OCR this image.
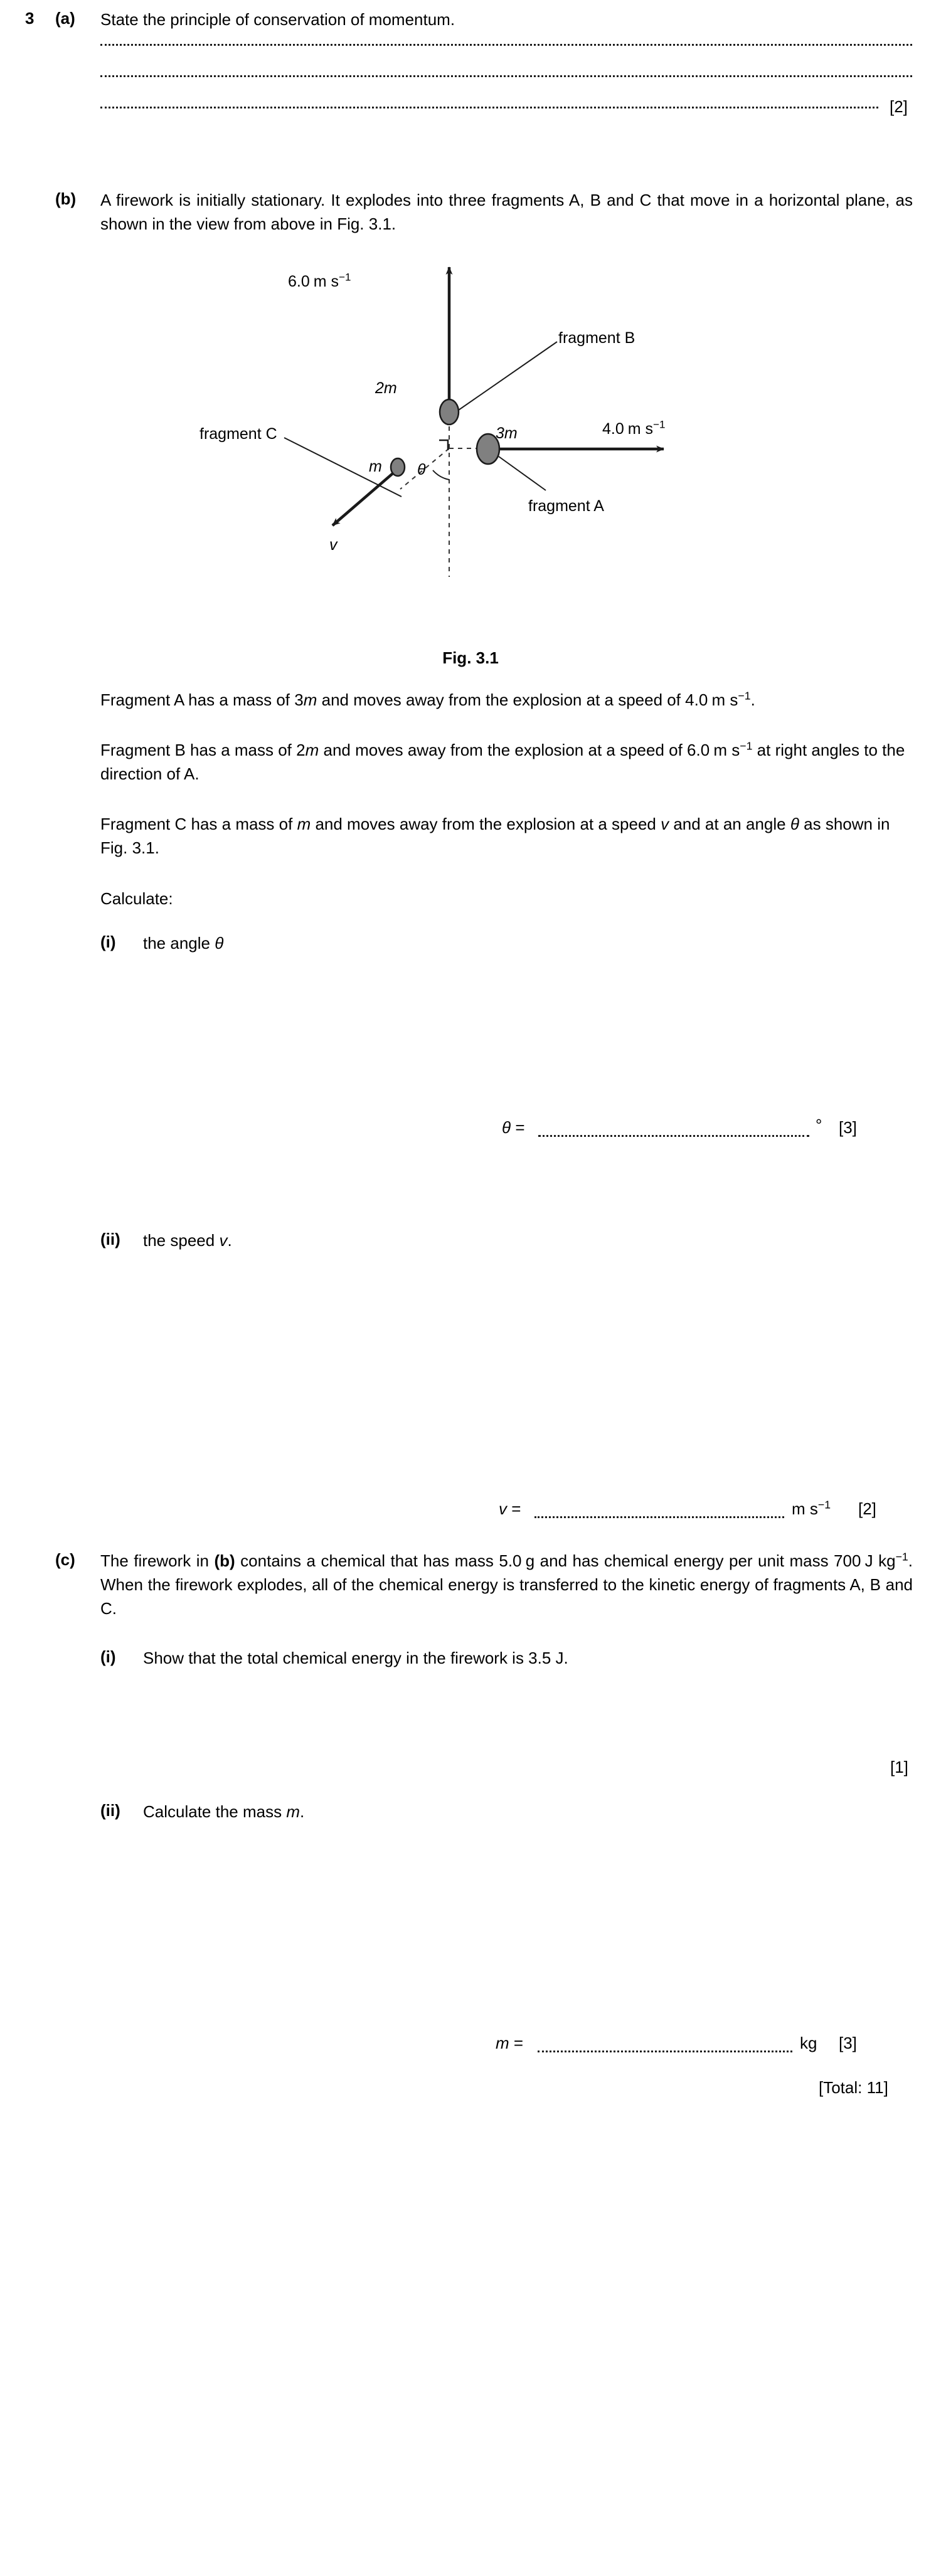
3 (a) State the principle of conservation of momentum.
[2]
(b) A firework is initially stationary. It explodes into three fragments A, B and C that move in a horizontal plane, as shown in the view from above in Fig. 3.1.
6.0  m $s^{-1}$
2m
fragment B
fragment C
m θ
v
3m	4.0  m $s^{-1}$
fragment A
Fig. 3.1
Fragment A has a mass of 3m and moves away from the explosion at a speed of 4.0  m $s^{-1}$.
Fragment B has a mass of 2m and moves away from the explosion at a speed of 6.0  m $s^{-1}$ at right angles to the direction of A.
Fragment C has a mass of m and moves away from the explosion at a speed v and at an angle θ as shown in Fig. 3.1.
Calculate:
(i) the angle θ
θ =	° [3]
(ii) the speed v.
v =	m $s^{-1}$ [2]
(c) The firework in (b) contains a chemical that has mass 5.0  g and has chemical energy per unit mass 700  J $kg^{-1}$. When the firework explodes, all of the chemical energy is transferred to the kinetic energy of fragments A, B and C.
(i) Show that the total chemical energy in the firework is 3.5 J.
[1]
(ii) Calculate the mass m.
m =	kg [3]
[Total: 11]
